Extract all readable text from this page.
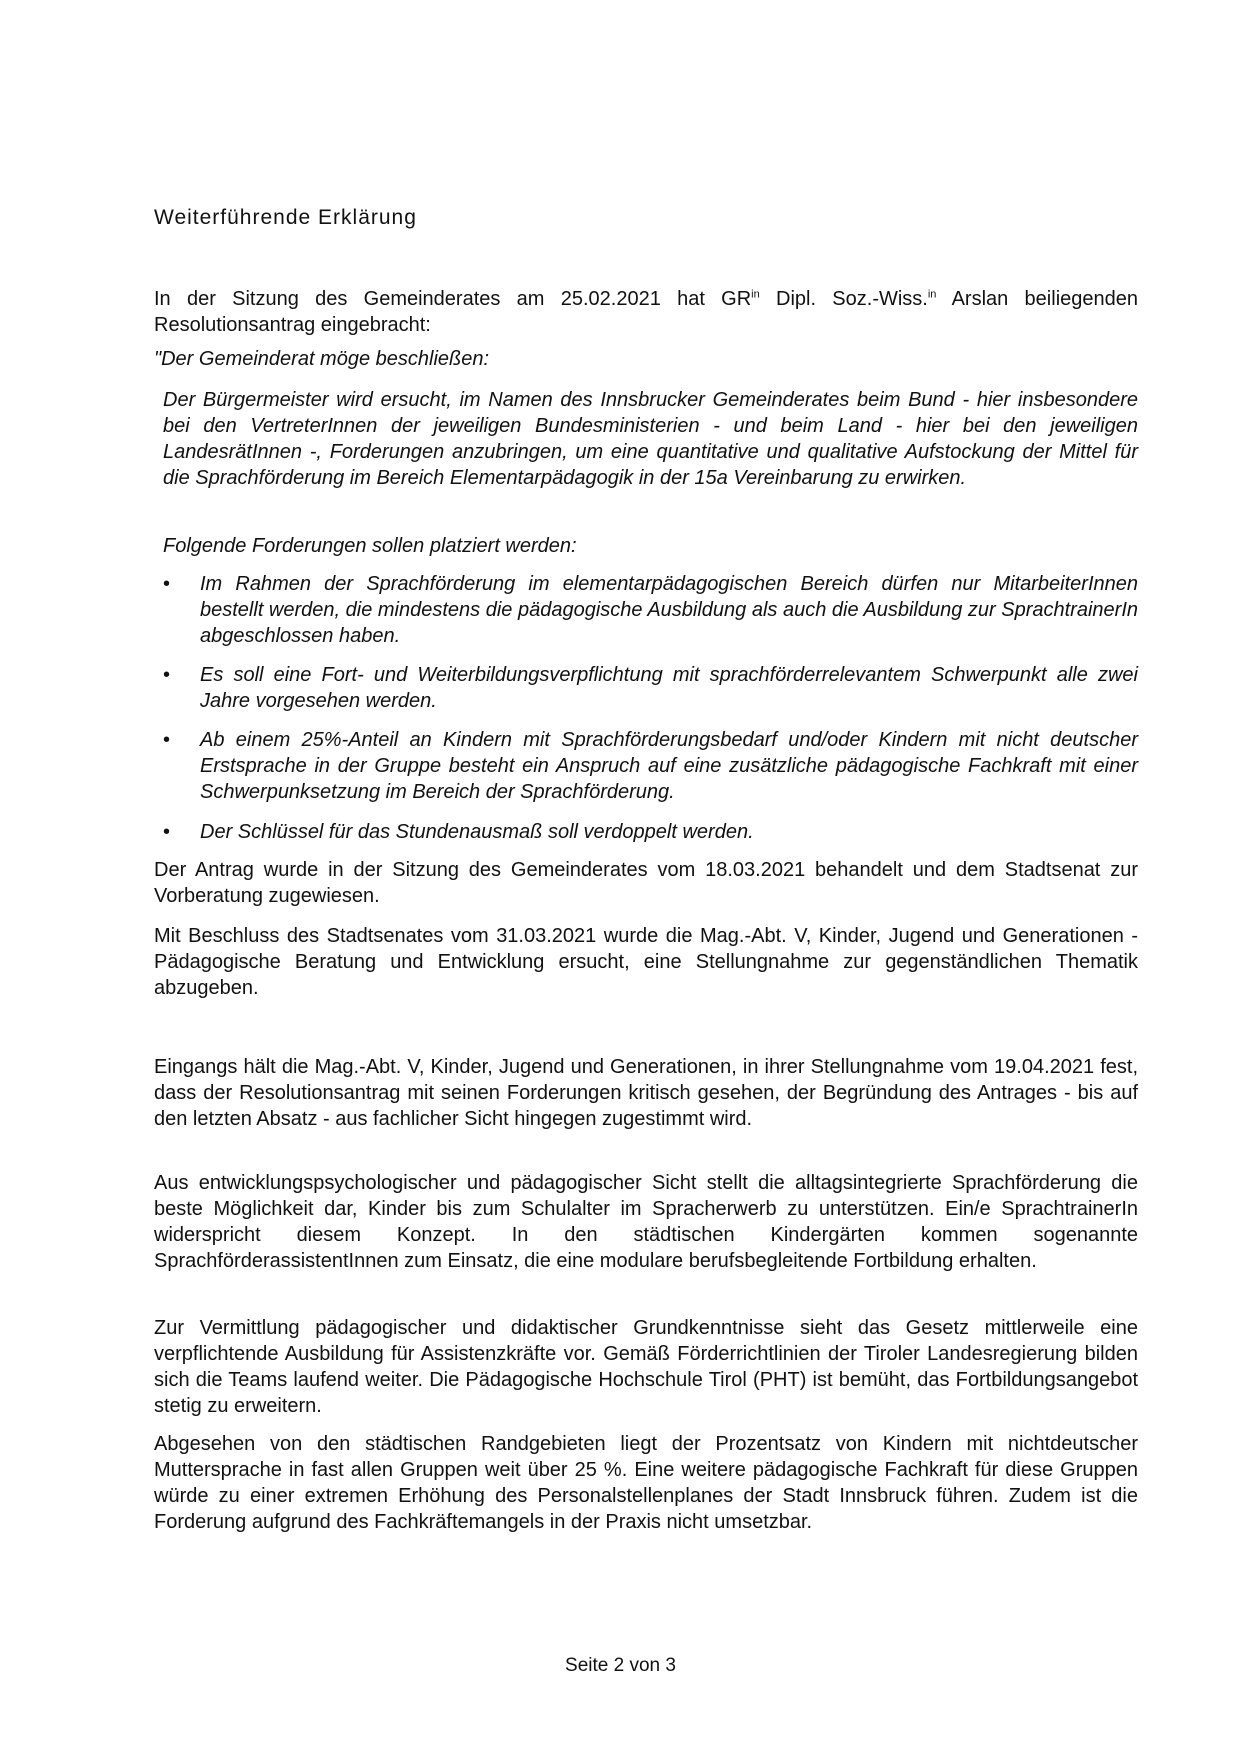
Weiterführende Erklärung

In der Sitzung des Gemeinderates am 25.02.2021 hat $GR^{in}$ Dipl. Soz.-Wiss.$^{in}$ Arslan beiliegenden Resolutionsantrag eingebracht:

"Der Gemeinderat möge beschließen:

Der Bürgermeister wird ersucht, im Namen des Innsbrucker Gemeinderates beim Bund - hier insbesondere bei den VertreterInnen der jeweiligen Bundesministerien - und beim Land - hier bei den jeweiligen LandesrätInnen -, Forderungen anzubringen, um eine quantitative und qualitative Aufstockung der Mittel für die Sprachförderung im Bereich Elementarpädagogik in der 15a Vereinbarung zu erwirken.

Folgende Forderungen sollen platziert werden:

• Im Rahmen der Sprachförderung im elementarpädagogischen Bereich dürfen nur MitarbeiterInnen bestellt werden, die mindestens die pädagogische Ausbildung als auch die Ausbildung zur SprachtrainerIn abgeschlossen haben.
• Es soll eine Fort- und Weiterbildungsverpflichtung mit sprachförderrelevantem Schwerpunkt alle zwei Jahre vorgesehen werden.
• Ab einem 25%-Anteil an Kindern mit Sprachförderungsbedarf und/oder Kindern mit nicht deutscher Erstsprache in der Gruppe besteht ein Anspruch auf eine zusätzliche pädagogische Fachkraft mit einer Schwerpunksetzung im Bereich der Sprachförderung.
• Der Schlüssel für das Stundenausmaß soll verdoppelt werden.

Der Antrag wurde in der Sitzung des Gemeinderates vom 18.03.2021 behandelt und dem Stadtsenat zur Vorberatung zugewiesen.

Mit Beschluss des Stadtsenates vom 31.03.2021 wurde die Mag.-Abt. V, Kinder, Jugend und Generationen - Pädagogische Beratung und Entwicklung ersucht, eine Stellungnahme zur gegenständlichen Thematik abzugeben.

Eingangs hält die Mag.-Abt. V, Kinder, Jugend und Generationen, in ihrer Stellungnahme vom 19.04.2021 fest, dass der Resolutionsantrag mit seinen Forderungen kritisch gesehen, der Begründung des Antrages - bis auf den letzten Absatz - aus fachlicher Sicht hingegen zugestimmt wird.

Aus entwicklungspsychologischer und pädagogischer Sicht stellt die alltagsintegrierte Sprachförderung die beste Möglichkeit dar, Kinder bis zum Schulalter im Spracherwerb zu unterstützen. Ein/e SprachtrainerIn widerspricht diesem Konzept. In den städtischen Kindergärten kommen sogenannte SprachförderassistentInnen zum Einsatz, die eine modulare berufsbegleitende Fortbildung erhalten.

Zur Vermittlung pädagogischer und didaktischer Grundkenntnisse sieht das Gesetz mittlerweile eine verpflichtende Ausbildung für Assistenzkräfte vor. Gemäß Förderrichtlinien der Tiroler Landesregierung bilden sich die Teams laufend weiter. Die Pädagogische Hochschule Tirol (PHT) ist bemüht, das Fortbildungsangebot stetig zu erweitern.

Abgesehen von den städtischen Randgebieten liegt der Prozentsatz von Kindern mit nichtdeutscher Muttersprache in fast allen Gruppen weit über 25 %. Eine weitere pädagogische Fachkraft für diese Gruppen würde zu einer extremen Erhöhung des Personalstellenplanes der Stadt Innsbruck führen. Zudem ist die Forderung aufgrund des Fachkräftemangels in der Praxis nicht umsetzbar.

Seite 2 von 3
